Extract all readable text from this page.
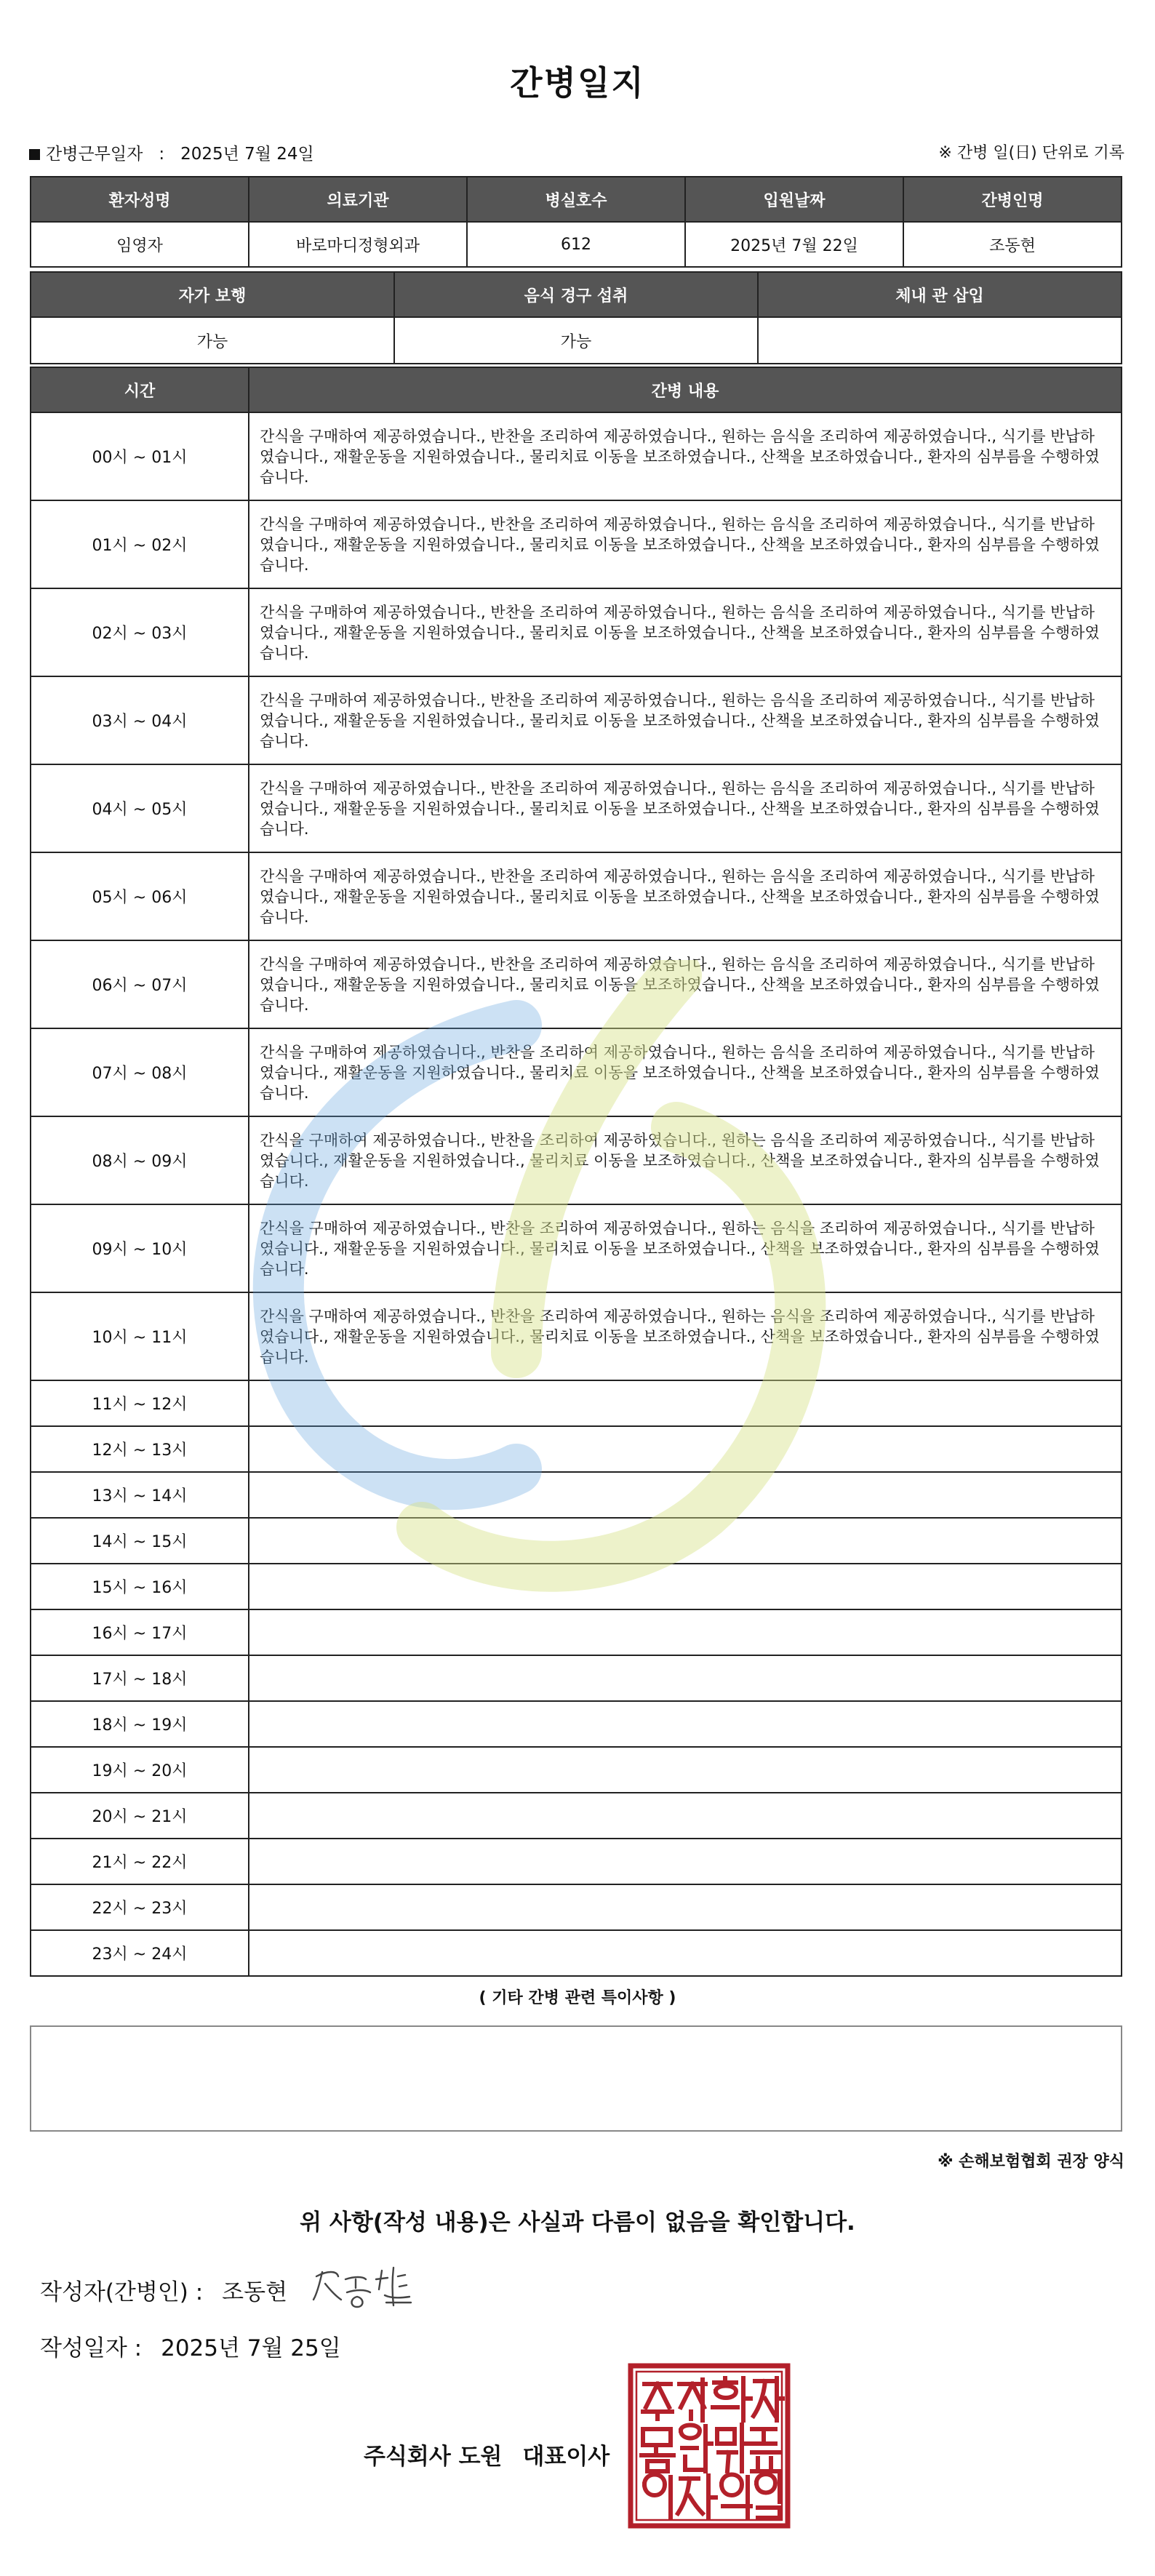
간병일지
간병근무일자 : 2025년 7월 24일	※ 간병 일(日) 단위로 기록
환자성명	의료기관	병실호수	입원날짜	간병인명
임영자	바로마디정형외과	612	2025년 7월 22일	조동현
자가 보행	음식 경구 섭취	체내 관 삽입
가능	가능	
시간	간병 내용
00시 ~ 01시	간식을 구매하여 제공하였습니다., 반찬을 조리하여 제공하였습니다., 원하는 음식을 조리하여 제공하였습니다., 식기를 반납하였습니다., 재활운동을 지원하였습니다., 물리치료 이동을 보조하였습니다., 산책을 보조하였습니다., 환자의 심부름을 수행하였습니다.
01시 ~ 02시	간식을 구매하여 제공하였습니다., 반찬을 조리하여 제공하였습니다., 원하는 음식을 조리하여 제공하였습니다., 식기를 반납하였습니다., 재활운동을 지원하였습니다., 물리치료 이동을 보조하였습니다., 산책을 보조하였습니다., 환자의 심부름을 수행하였습니다.
02시 ~ 03시	간식을 구매하여 제공하였습니다., 반찬을 조리하여 제공하였습니다., 원하는 음식을 조리하여 제공하였습니다., 식기를 반납하였습니다., 재활운동을 지원하였습니다., 물리치료 이동을 보조하였습니다., 산책을 보조하였습니다., 환자의 심부름을 수행하였습니다.
03시 ~ 04시	간식을 구매하여 제공하였습니다., 반찬을 조리하여 제공하였습니다., 원하는 음식을 조리하여 제공하였습니다., 식기를 반납하였습니다., 재활운동을 지원하였습니다., 물리치료 이동을 보조하였습니다., 산책을 보조하였습니다., 환자의 심부름을 수행하였습니다.
04시 ~ 05시	간식을 구매하여 제공하였습니다., 반찬을 조리하여 제공하였습니다., 원하는 음식을 조리하여 제공하였습니다., 식기를 반납하였습니다., 재활운동을 지원하였습니다., 물리치료 이동을 보조하였습니다., 산책을 보조하였습니다., 환자의 심부름을 수행하였습니다.
05시 ~ 06시	간식을 구매하여 제공하였습니다., 반찬을 조리하여 제공하였습니다., 원하는 음식을 조리하여 제공하였습니다., 식기를 반납하였습니다., 재활운동을 지원하였습니다., 물리치료 이동을 보조하였습니다., 산책을 보조하였습니다., 환자의 심부름을 수행하였습니다.
06시 ~ 07시	간식을 구매하여 제공하였습니다., 반찬을 조리하여 제공하였습니다., 원하는 음식을 조리하여 제공하였습니다., 식기를 반납하였습니다., 재활운동을 지원하였습니다., 물리치료 이동을 보조하였습니다., 산책을 보조하였습니다., 환자의 심부름을 수행하였습니다.
07시 ~ 08시	간식을 구매하여 제공하였습니다., 반찬을 조리하여 제공하였습니다., 원하는 음식을 조리하여 제공하였습니다., 식기를 반납하였습니다., 재활운동을 지원하였습니다., 물리치료 이동을 보조하였습니다., 산책을 보조하였습니다., 환자의 심부름을 수행하였습니다.
08시 ~ 09시	간식을 구매하여 제공하였습니다., 반찬을 조리하여 제공하였습니다., 원하는 음식을 조리하여 제공하였습니다., 식기를 반납하였습니다., 재활운동을 지원하였습니다., 물리치료 이동을 보조하였습니다., 산책을 보조하였습니다., 환자의 심부름을 수행하였습니다.
09시 ~ 10시	간식을 구매하여 제공하였습니다., 반찬을 조리하여 제공하였습니다., 원하는 음식을 조리하여 제공하였습니다., 식기를 반납하였습니다., 재활운동을 지원하였습니다., 물리치료 이동을 보조하였습니다., 산책을 보조하였습니다., 환자의 심부름을 수행하였습니다.
10시 ~ 11시	간식을 구매하여 제공하였습니다., 반찬을 조리하여 제공하였습니다., 원하는 음식을 조리하여 제공하였습니다., 식기를 반납하였습니다., 재활운동을 지원하였습니다., 물리치료 이동을 보조하였습니다., 산책을 보조하였습니다., 환자의 심부름을 수행하였습니다.
11시 ~ 12시	
12시 ~ 13시	
13시 ~ 14시	
14시 ~ 15시	
15시 ~ 16시	
16시 ~ 17시	
17시 ~ 18시	
18시 ~ 19시	
19시 ~ 20시	
20시 ~ 21시	
21시 ~ 22시	
22시 ~ 23시	
23시 ~ 24시	
( 기타 간병 관련 특이사항 )
※ 손해보험협회 권장 양식
위 사항(작성 내용)은 사실과 다름이 없음을 확인합니다.
작성자(간병인) : 조동현
작성일자 : 2025년 7월 25일
주식회사 도원 대표이사
